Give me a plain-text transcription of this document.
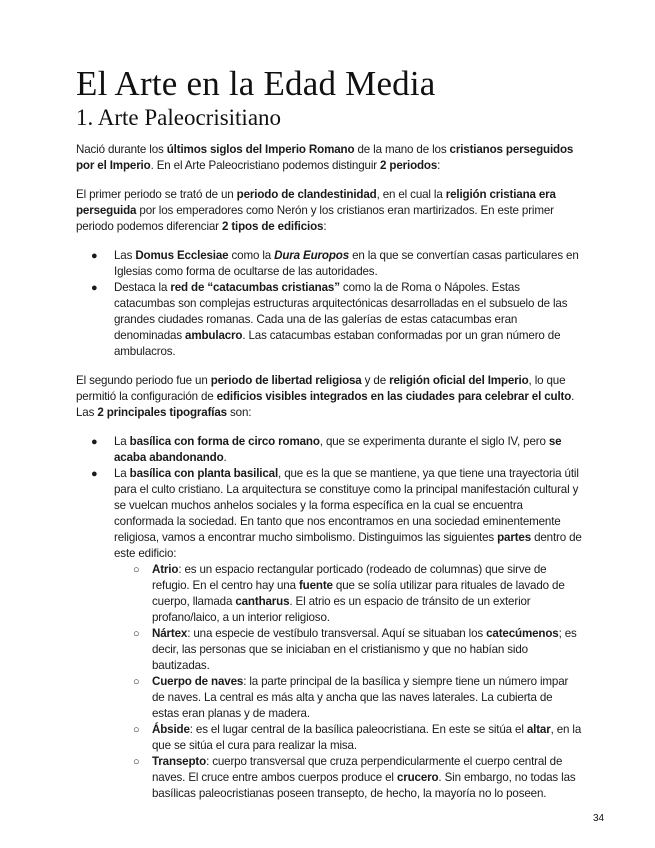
El Arte en la Edad Media
1. Arte Paleocrisitiano

Nació durante los últimos siglos del Imperio Romano de la mano de los cristianos perseguidos por el Imperio. En el Arte Paleocristiano podemos distinguir 2 periodos:

El primer periodo se trató de un periodo de clandestinidad, en el cual la religión cristiana era perseguida por los emperadores como Nerón y los cristianos eran martirizados. En este primer periodo podemos diferenciar 2 tipos de edificios:

● Las Domus Ecclesiae como la Dura Europos en la que se convertían casas particulares en Iglesias como forma de ocultarse de las autoridades.
● Destaca la red de “catacumbas cristianas” como la de Roma o Nápoles. Estas catacumbas son complejas estructuras arquitectónicas desarrolladas en el subsuelo de las grandes ciudades romanas. Cada una de las galerías de estas catacumbas eran denominadas ambulacro. Las catacumbas estaban conformadas por un gran número de ambulacros.

El segundo periodo fue un periodo de libertad religiosa y de religión oficial del Imperio, lo que permitió la configuración de edificios visibles integrados en las ciudades para celebrar el culto. Las 2 principales tipografías son:

● La basílica con forma de circo romano, que se experimenta durante el siglo IV, pero se acaba abandonando.
● La basílica con planta basilical, que es la que se mantiene, ya que tiene una trayectoria útil para el culto cristiano. La arquitectura se constituye como la principal manifestación cultural y se vuelcan muchos anhelos sociales y la forma específica en la cual se encuentra conformada la sociedad. En tanto que nos encontramos en una sociedad eminentemente religiosa, vamos a encontrar mucho simbolismo. Distinguimos las siguientes partes dentro de este edificio:
○ Atrio: es un espacio rectangular porticado (rodeado de columnas) que sirve de refugio. En el centro hay una fuente que se solía utilizar para rituales de lavado de cuerpo, llamada cantharus. El atrio es un espacio de tránsito de un exterior profano/laico, a un interior religioso.
○ Nártex: una especie de vestíbulo transversal. Aquí se situaban los catecúmenos; es decir, las personas que se iniciaban en el cristianismo y que no habían sido bautizadas.
○ Cuerpo de naves: la parte principal de la basílica y siempre tiene un número impar de naves. La central es más alta y ancha que las naves laterales. La cubierta de estas eran planas y de madera.
○ Ábside: es el lugar central de la basílica paleocristiana. En este se sitúa el altar, en la que se sitúa el cura para realizar la misa.
○ Transepto: cuerpo transversal que cruza perpendicularmente el cuerpo central de naves. El cruce entre ambos cuerpos produce el crucero. Sin embargo, no todas las basílicas paleocristianas poseen transepto, de hecho, la mayoría no lo poseen.
34
